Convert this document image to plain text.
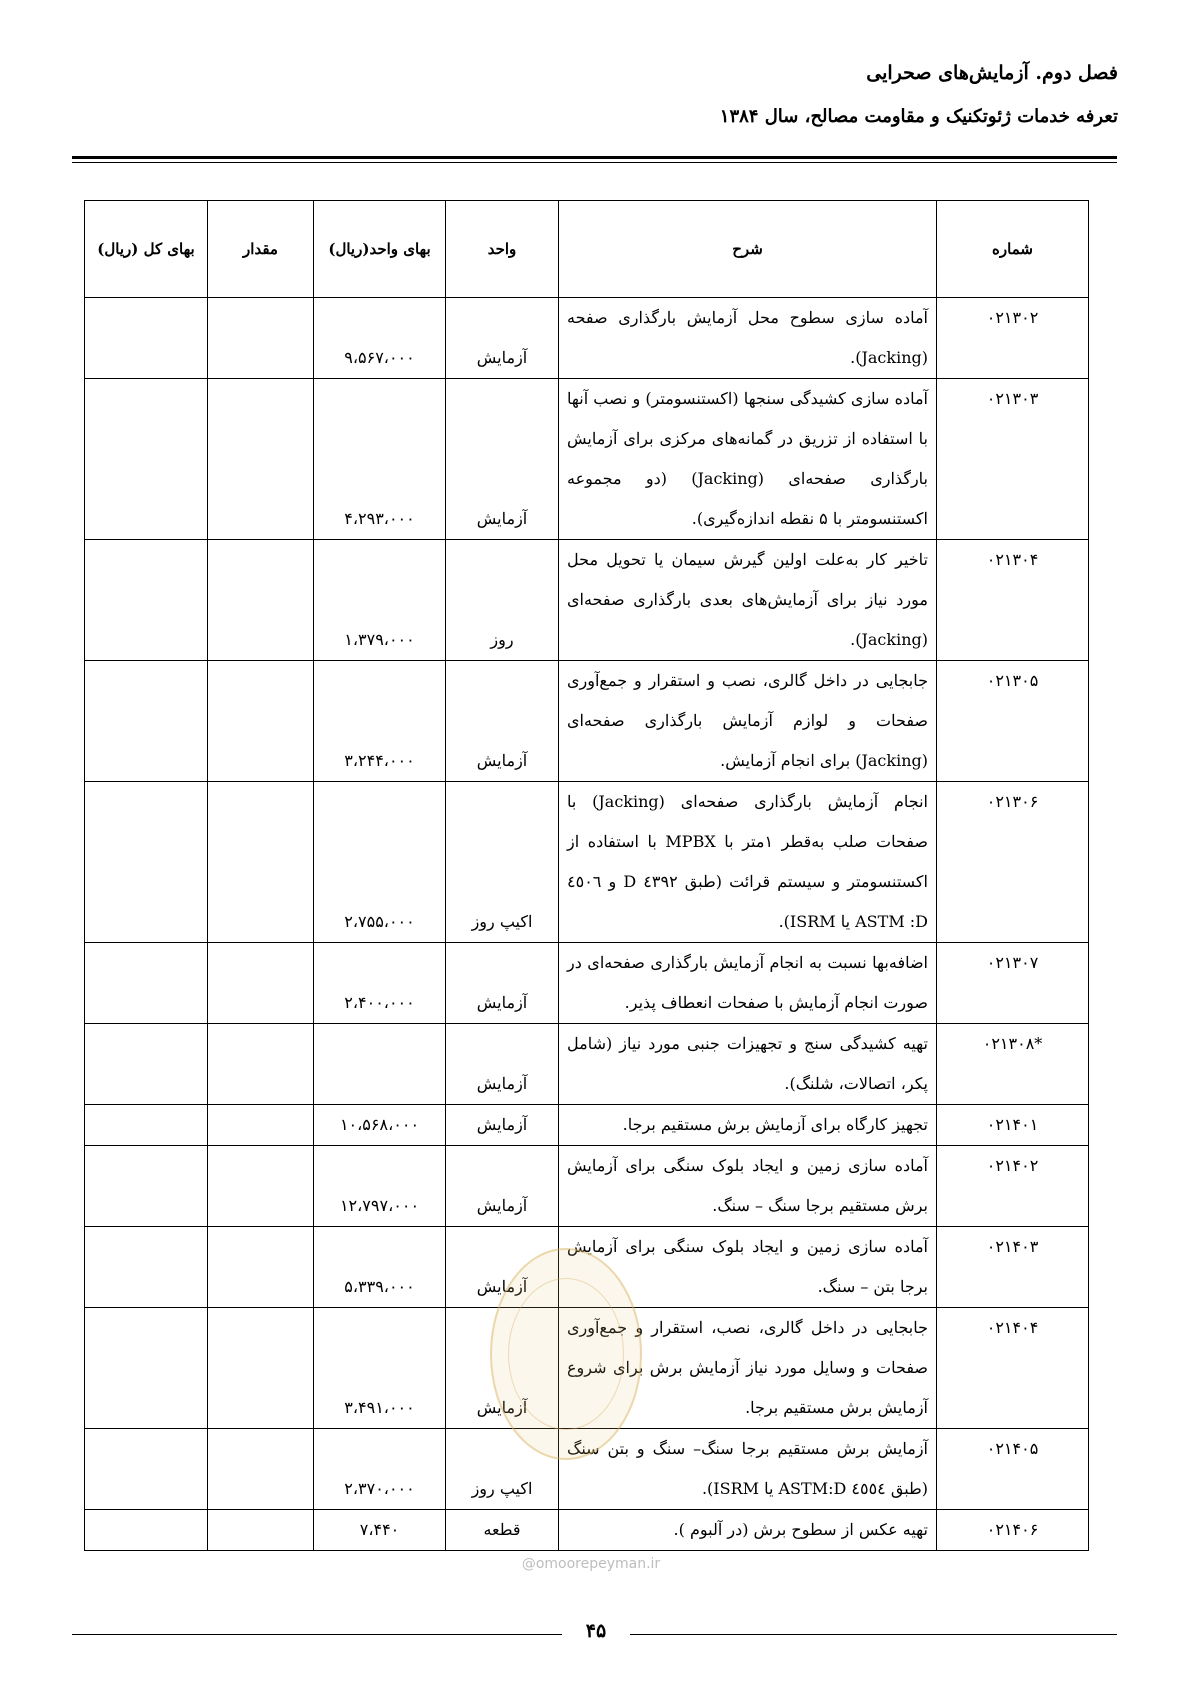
فصل دوم. آزمایش‌های صحرایی
تعرفه خدمات ژئوتکنیک و مقاومت مصالح، سال ۱۳۸۴
شماره	شرح	واحد	بهای واحد(ریال)	مقدار	بهای کل (ریال)
۰۲۱۳۰۲	آماده سازی سطوح محل آزمایش بارگذاری صفحه (Jacking).	آزمایش	۹،۵۶۷،۰۰۰		
۰۲۱۳۰۳	آماده سازی کشیدگی سنجها (اکستنسومتر) و نصب آنها با استفاده از تزریق در گمانه‌های مرکزی برای آزمایش بارگذاری صفحه‌ای (Jacking) (دو مجموعه اکستنسومتر با ۵ نقطه اندازه‌گیری).	آزمایش	۴،۲۹۳،۰۰۰		
۰۲۱۳۰۴	تاخیر کار به‌علت اولین گیرش سیمان یا تحویل محل مورد نیاز برای آزمایش‌های بعدی بارگذاری صفحه‌ای (Jacking).	روز	۱،۳۷۹،۰۰۰		
۰۲۱۳۰۵	جابجایی در داخل گالری، نصب و استقرار و جمع‌آوری صفحات و لوازم آزمایش بارگذاری صفحه‌ای (Jacking) برای انجام آزمایش.	آزمایش	۳،۲۴۴،۰۰۰		
۰۲۱۳۰۶	انجام آزمایش بارگذاری صفحه‌ای (Jacking) با صفحات صلب به‌قطر ۱متر با MPBX با استفاده از اکستنسومتر و سیستم قرائت (طبق ٤٣٩٢ D و ٤٥٠٦ ASTM :D یا ISRM).	اکیپ روز	۲،۷۵۵،۰۰۰		
۰۲۱۳۰۷	اضافه‌بها نسبت به انجام آزمایش بارگذاری صفحه‌ای در صورت انجام آزمایش با صفحات انعطاف پذیر.	آزمایش	۲،۴۰۰،۰۰۰		
*۰۲۱۳۰۸	تهیه کشیدگی سنج و تجهیزات جنبی مورد نیاز (شامل پکر، اتصالات، شلنگ).	آزمایش			
۰۲۱۴۰۱	تجهیز کارگاه برای آزمایش برش مستقیم برجا.	آزمایش	۱۰،۵۶۸،۰۰۰		
۰۲۱۴۰۲	آماده سازی زمین و ایجاد بلوک سنگی برای آزمایش برش مستقیم برجا سنگ – سنگ.	آزمایش	۱۲،۷۹۷،۰۰۰		
۰۲۱۴۰۳	آماده سازی زمین و ایجاد بلوک سنگی برای آزمایش برجا بتن – سنگ.	آزمایش	۵،۳۳۹،۰۰۰		
۰۲۱۴۰۴	جابجایی در داخل گالری، نصب، استقرار و جمع‌آوری صفحات و وسایل مورد نیاز آزمایش برش برای شروع آزمایش برش مستقیم برجا.	آزمایش	۳،۴۹۱،۰۰۰		
۰۲۱۴۰۵	آزمایش برش مستقیم برجا سنگ– سنگ و بتن سنگ (طبق ٤٥٥٤ ASTM:D یا ISRM).	اکیپ روز	۲،۳۷۰،۰۰۰		
۰۲۱۴۰۶	تهیه عکس از سطوح برش (در آلبوم ).	قطعه	۷،۴۴۰		
@omoorepeyman.ir
۴۵
